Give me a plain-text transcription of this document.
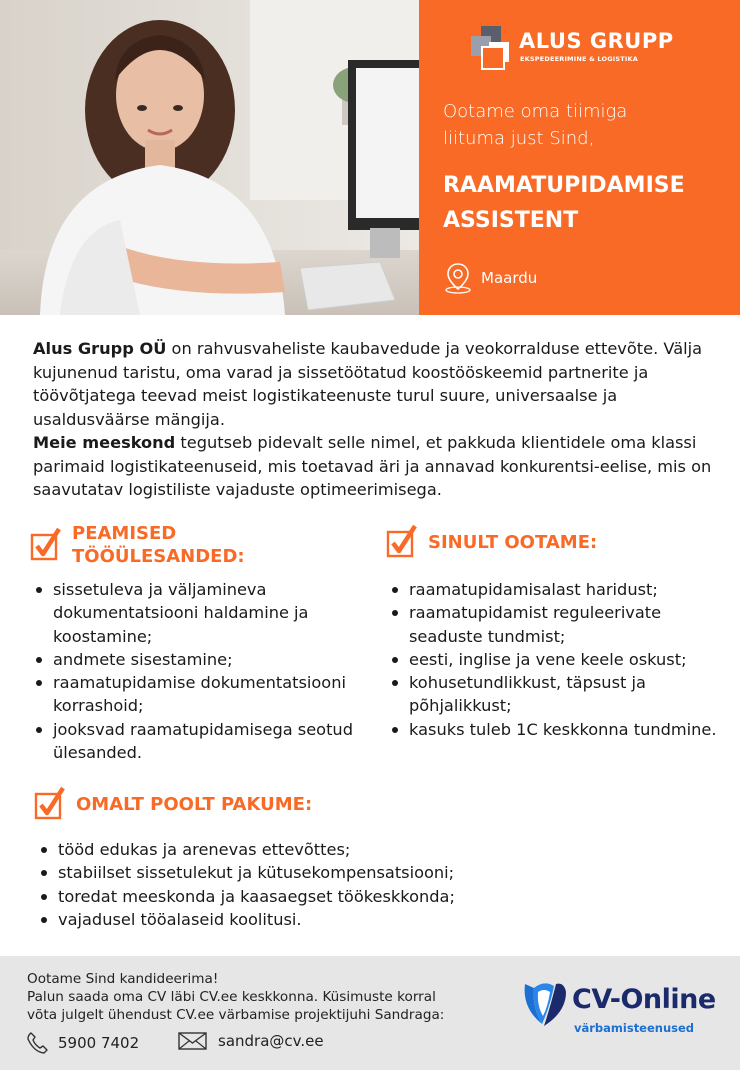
ALUS GRUPP
EKSPEDEERIMINE & LOGISTIKA
Ootame oma tiimiga
liituma just Sind,
RAAMATUPIDAMISE
ASSISTENT
Maardu
Alus Grupp OÜ on rahvusvaheliste kaubavedude ja veokorralduse ettevõte. Välja kujunenud taristu, oma varad ja sissetöötatud koostööskeemid partnerite ja töövõtjatega teevad meist logistikateenuste turul suure, universaalse ja usaldusväärse mängija.
Meie meeskond tegutseb pidevalt selle nimel, et pakkuda klientidele oma klassi parimaid logistikateenuseid, mis toetavad äri ja annavad konkurentsi-eelise, mis on saavutatav logistiliste vajaduste optimeerimisega.
PEAMISED
TÖÖÜLESANDED:
sissetuleva ja väljamineva dokumentatsiooni haldamine ja koostamine;
andmete sisestamine;
raamatupidamise dokumentatsiooni korrashoid;
jooksvad raamatupidamisega seotud ülesanded.
SINULT OOTAME:
raamatupidamisalast haridust;
raamatupidamist reguleerivate seaduste tundmist;
eesti, inglise ja vene keele oskust;
kohusetundlikkust, täpsust ja põhjalikkust;
kasuks tuleb 1C keskkonna tundmine.
OMALT POOLT PAKUME:
tööd edukas ja arenevas ettevõttes;
stabiilset sissetulekut ja kütusekompensatsiooni;
toredat meeskonda ja kaasaegset töökeskkonda;
vajadusel tööalaseid koolitusi.
Ootame Sind kandideerima!
Palun saada oma CV läbi CV.ee keskkonna. Küsimuste korral
võta julgelt ühendust CV.ee värbamise projektijuhi Sandraga:
5900 7402	sandra@cv.ee
CV-Online
värbamisteenused
